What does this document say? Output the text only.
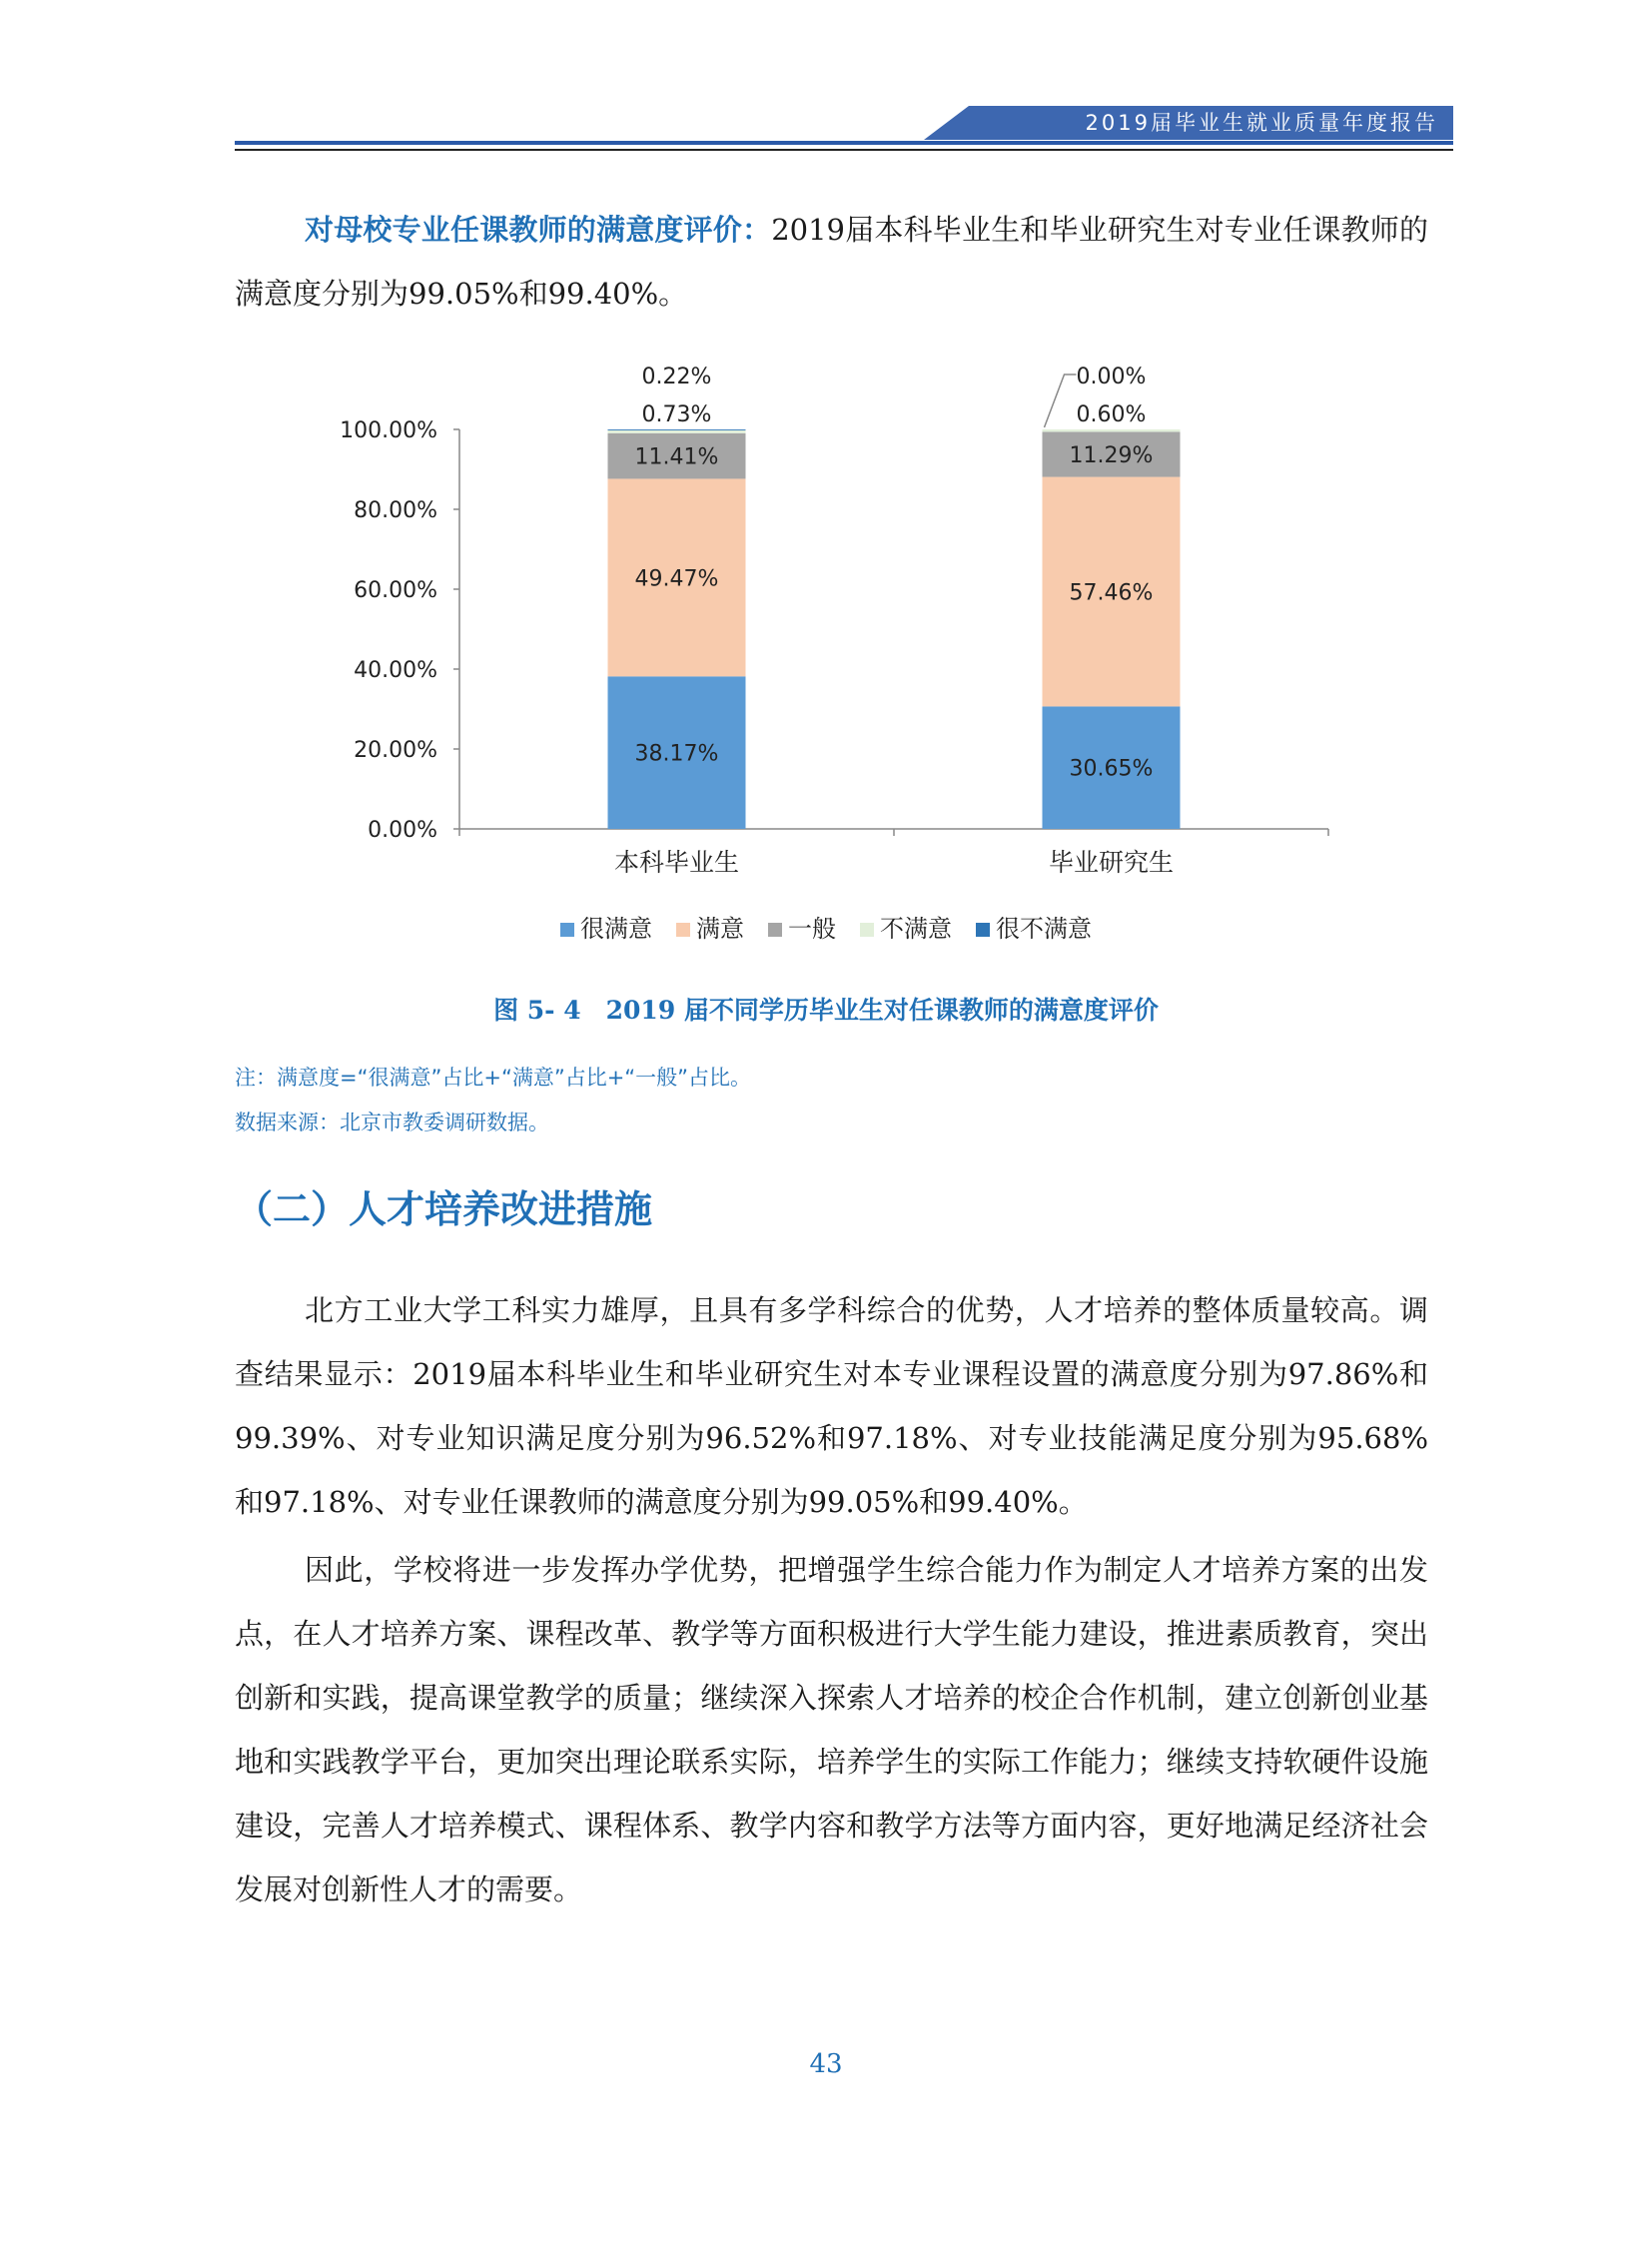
2019届毕业生就业质量年度报告

对母校专业任课教师的满意度评价：2019届本科毕业生和毕业研究生对专业任课教师的满意度分别为99.05%和99.40%。

0.00%
20.00%
40.00%
60.00%
80.00%
100.00%
38.17%
49.47%
11.41%
0.73%
0.22%
本科毕业生
30.65%
57.46%
11.29%
0.60%
0.00%
毕业研究生
很满意 满意 一般 不满意 很不满意
图 5- 4　2019 届不同学历毕业生对任课教师的满意度评价
注：满意度=“很满意”占比+“满意”占比+“一般”占比。
数据来源：北京市教委调研数据。
（二）人才培养改进措施

北方工业大学工科实力雄厚，且具有多学科综合的优势，人才培养的整体质量较高。调查结果显示：2019届本科毕业生和毕业研究生对本专业课程设置的满意度分别为97.86%和99.39%、对专业知识满足度分别为96.52%和97.18%、对专业技能满足度分别为95.68%和97.18%、对专业任课教师的满意度分别为99.05%和99.40%。

因此，学校将进一步发挥办学优势，把增强学生综合能力作为制定人才培养方案的出发点，在人才培养方案、课程改革、教学等方面积极进行大学生能力建设，推进素质教育，突出创新和实践，提高课堂教学的质量；继续深入探索人才培养的校企合作机制，建立创新创业基地和实践教学平台，更加突出理论联系实际，培养学生的实际工作能力；继续支持软硬件设施建设，完善人才培养模式、课程体系、教学内容和教学方法等方面内容，更好地满足经济社会发展对创新性人才的需要。

43
